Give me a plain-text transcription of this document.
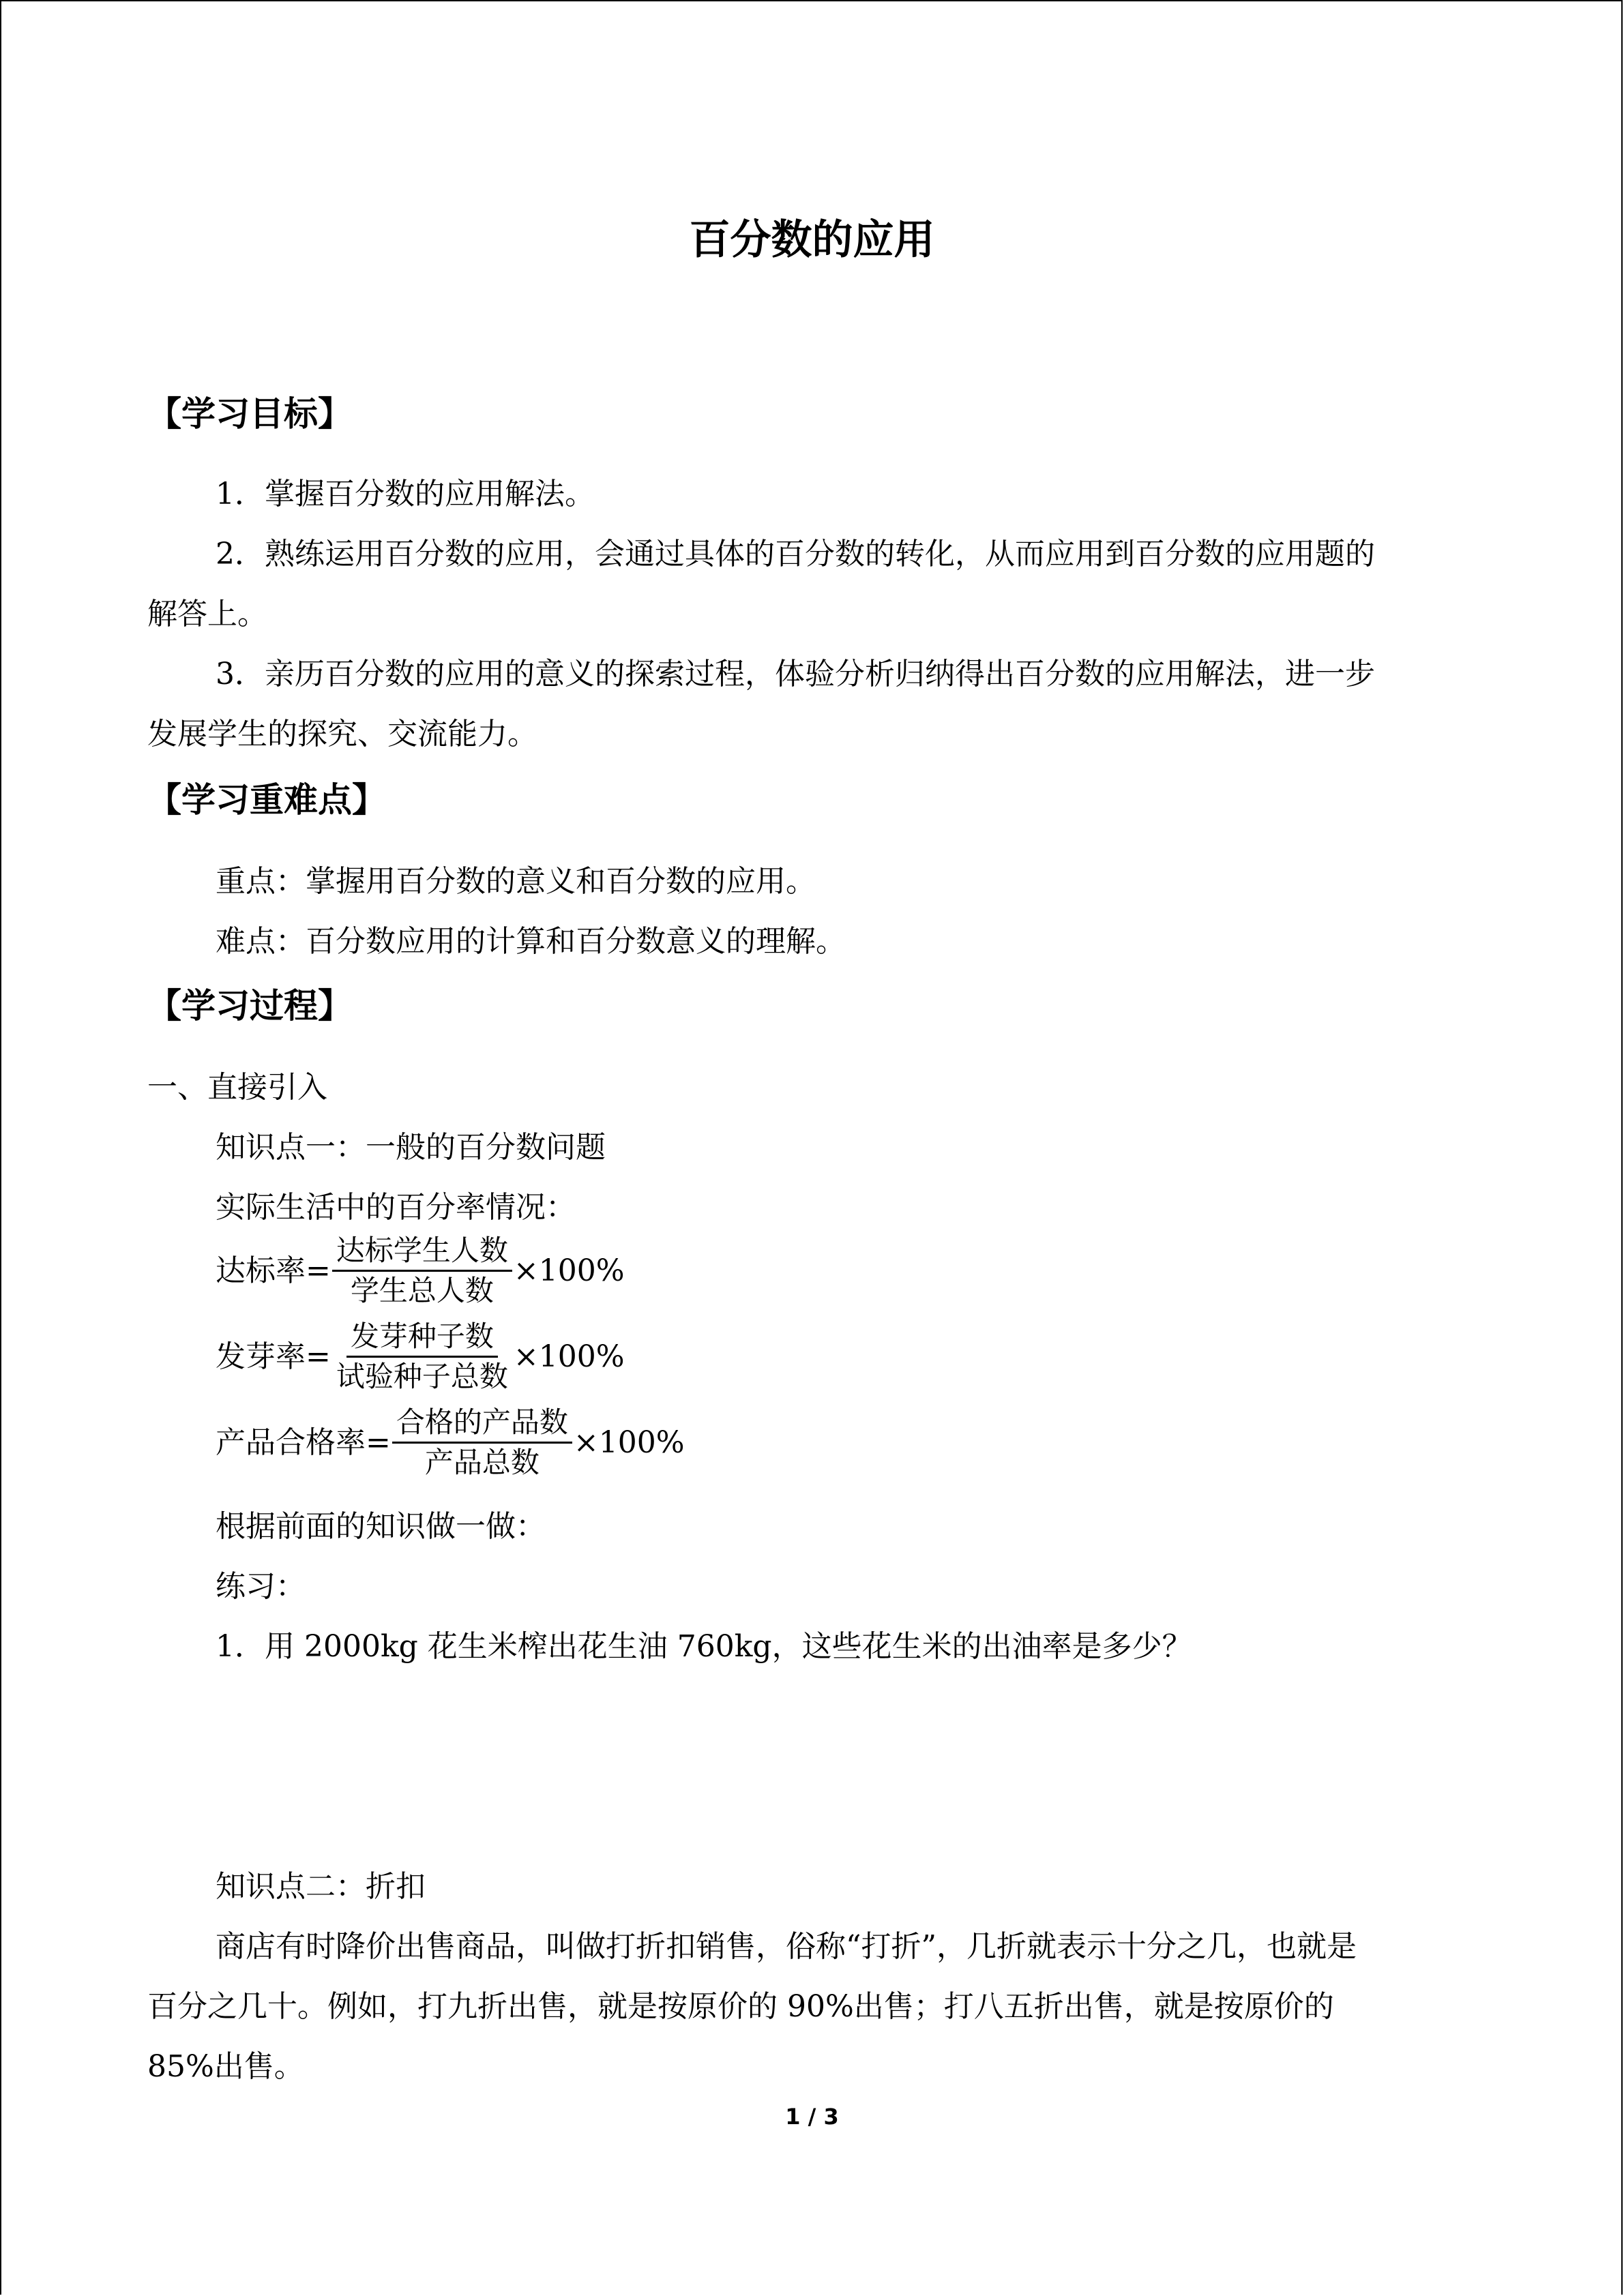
百分数的应用
【学习目标】
1．掌握百分数的应用解法。
2．熟练运用百分数的应用，会通过具体的百分数的转化，从而应用到百分数的应用题的
解答上。
3．亲历百分数的应用的意义的探索过程，体验分析归纳得出百分数的应用解法，进一步
发展学生的探究、交流能力。
【学习重难点】
重点：掌握用百分数的意义和百分数的应用。
难点：百分数应用的计算和百分数意义的理解。
【学习过程】
一、直接引入
知识点一：一般的百分数问题
实际生活中的百分率情况：
达标率= $\frac{\text{达标学生人数}}{\text{学生总人数}} \times 100\%$
发芽率= $\frac{\text{发芽种子数}}{\text{试验种子总数}} \times 100\%$
产品合格率= $\frac{\text{合格的产品数}}{\text{产品总数}} \times 100\%$
根据前面的知识做一做：
练习：
1．用 2000kg 花生米榨出花生油 760kg，这些花生米的出油率是多少？
知识点二：折扣
商店有时降价出售商品，叫做打折扣销售，俗称“打折”，几折就表示十分之几，也就是
百分之几十。例如，打九折出售，就是按原价的 90%出售；打八五折出售，就是按原价的
85%出售。
1 / 3
